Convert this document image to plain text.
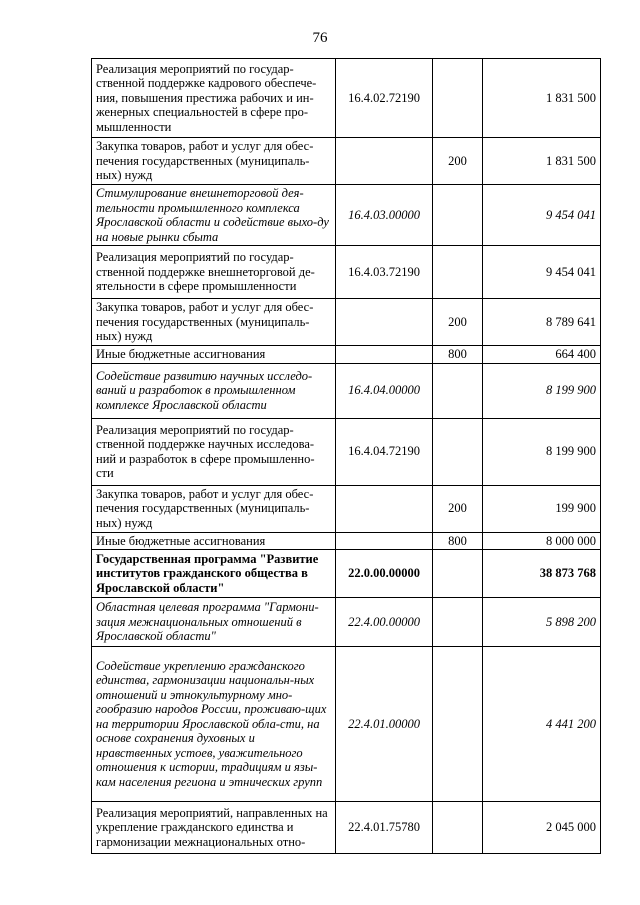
76
Реализация мероприятий по государ-ственной поддержке кадрового обеспече-ния, повышения престижа рабочих и ин-женерных специальностей в сфере про-мышленности	16.4.02.72190		1 831 500
Закупка товаров, работ и услуг для обес-печения государственных (муниципаль-ных) нужд		200	1 831 500
Стимулирование внешнеторговой дея-тельности промышленного комплекса Ярославской области и содействие выхо-ду на новые рынки сбыта	16.4.03.00000		9 454 041
Реализация мероприятий по государ-ственной поддержке внешнеторговой де-ятельности в сфере промышленности	16.4.03.72190		9 454 041
Закупка товаров, работ и услуг для обес-печения государственных (муниципаль-ных) нужд		200	8 789 641
Иные бюджетные ассигнования		800	664 400
Содействие развитию научных исследо-ваний и разработок в промышленном комплексе Ярославской области	16.4.04.00000		8 199 900
Реализация мероприятий по государ-ственной поддержке научных исследова-ний и разработок в сфере промышленно-сти	16.4.04.72190		8 199 900
Закупка товаров, работ и услуг для обес-печения государственных (муниципаль-ных) нужд		200	199 900
Иные бюджетные ассигнования		800	8 000 000
Государственная программа "Развитие институтов гражданского общества в Ярославской области"	22.0.00.00000		38 873 768
Областная целевая программа "Гармони-зация межнациональных отношений в Ярославской области"	22.4.00.00000		5 898 200
Содействие укреплению гражданского единства, гармонизации национальн-ных отношений и этнокультурному мно-гообразию народов России, проживаю-щих на территории Ярославской обла-сти, на основе сохранения духовных и нравственных устоев, уважительного отношения к истории, традициям и язы-кам населения региона и этнических групп	22.4.01.00000		4 441 200
Реализация мероприятий, направленных на укрепление гражданского единства и гармонизации межнациональных отно-	22.4.01.75780		2 045 000
